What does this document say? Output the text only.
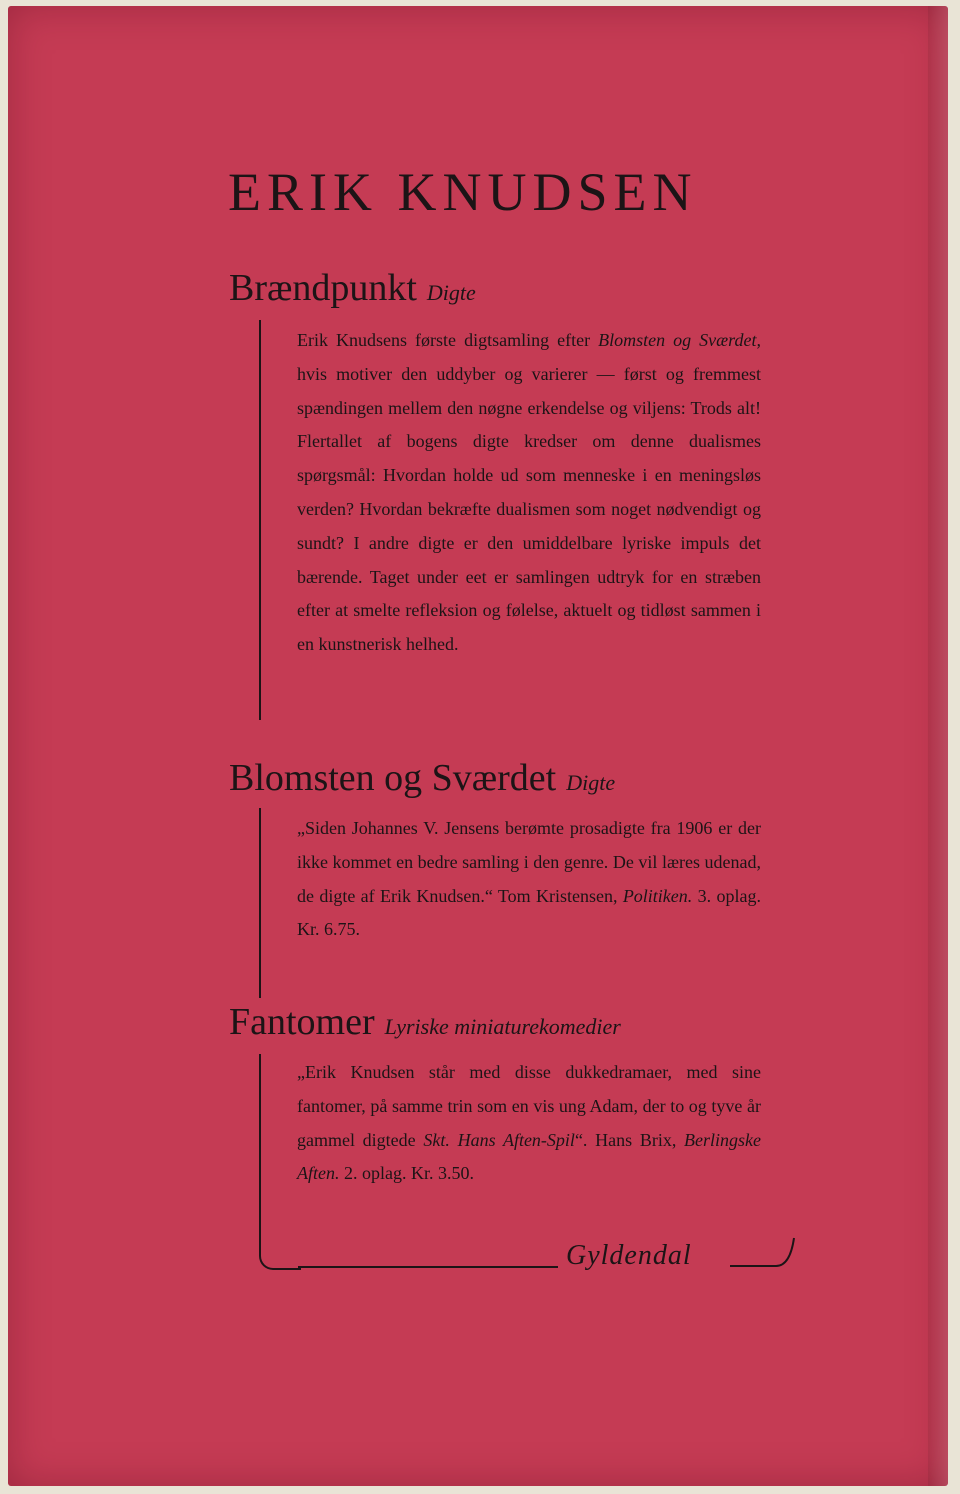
ERIK KNUDSEN
Brændpunkt Digte
Erik Knudsens første digtsamling efter Blomsten og Sværdet, hvis motiver den uddyber og varierer — først og fremmest spændingen mellem den nøgne erkendelse og viljens: Trods alt! Flertallet af bogens digte kredser om denne dualismes spørgsmål: Hvordan holde ud som menneske i en meningsløs verden? Hvordan bekræfte dualismen som noget nødvendigt og sundt? I andre digte er den umiddelbare lyriske impuls det bærende. Taget under eet er samlingen udtryk for en stræben efter at smelte refleksion og følelse, aktuelt og tidløst sammen i en kunstnerisk helhed.
Blomsten og Sværdet Digte
„Siden Johannes V. Jensens berømte prosadigte fra 1906 er der ikke kommet en bedre samling i den genre. De vil læres udenad, de digte af Erik Knudsen.“ Tom Kristensen, Politiken. 3. oplag. Kr. 6.75.
Fantomer Lyriske miniaturekomedier
„Erik Knudsen står med disse dukkedramaer, med sine fantomer, på samme trin som en vis ung Adam, der to og tyve år gammel digtede Skt. Hans Aften-Spil“. Hans Brix, Berlingske Aften. 2. oplag. Kr. 3.50.
Gyldendal
